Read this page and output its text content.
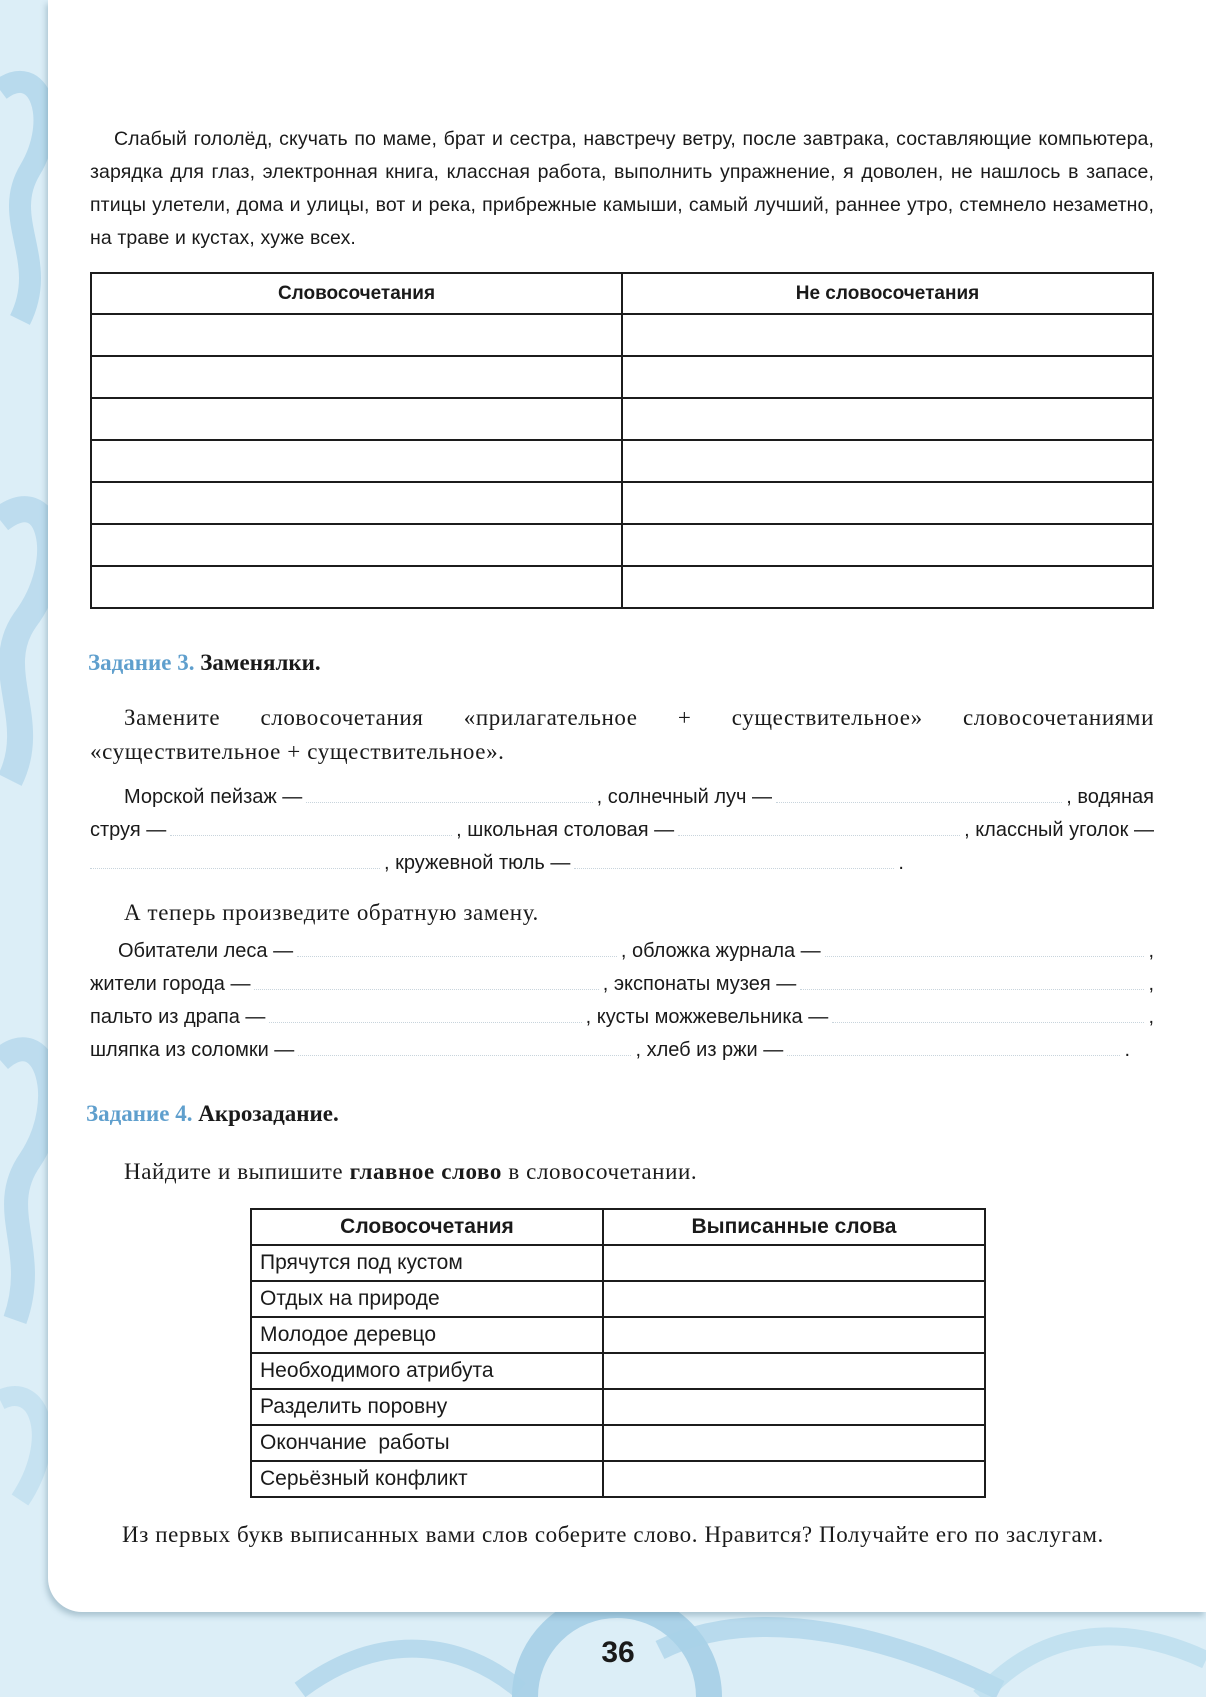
Слабый гололёд, скучать по маме, брат и сестра, навстречу ветру, после завтрака, составляющие компьютера, зарядка для глаз, электронная книга, классная работа, выполнить упражнение, я доволен, не нашлось в запасе, птицы улетели, дома и улицы, вот и река, прибрежные камыши, самый лучший, раннее утро, стемнело незаметно, на траве и кустах, хуже всех.

Словосочетания	Не словосочетания

Задание 3. Заменялки.

Замените словосочетания «прилагательное + существительное» словосочетаниями «существительное + существительное».

Морской пейзаж —	, солнечный луч —	, водяная
струя —	, школьная столовая —	, классный уголок —
, кружевной тюль —	.

А теперь произведите обратную замену.

Обитатели леса —	, обложка журнала —	,
жители города —	, экспонаты музея —	,
пальто из драпа —	, кусты можжевельника —	,
шляпка из соломки —	, хлеб из ржи —	.
Задание 4. Акрозадание.

Найдите и выпишите главное слово в словосочетании.

Словосочетания	Выписанные слова
Прячутся под кустом	
Отдых на природе	
Молодое деревцо	
Необходимого атрибута	
Разделить поровну	
Окончание  работы	
Серьёзный конфликт	

Из первых букв выписанных вами слов соберите слово. Нравится? Получайте его по заслугам.

36
